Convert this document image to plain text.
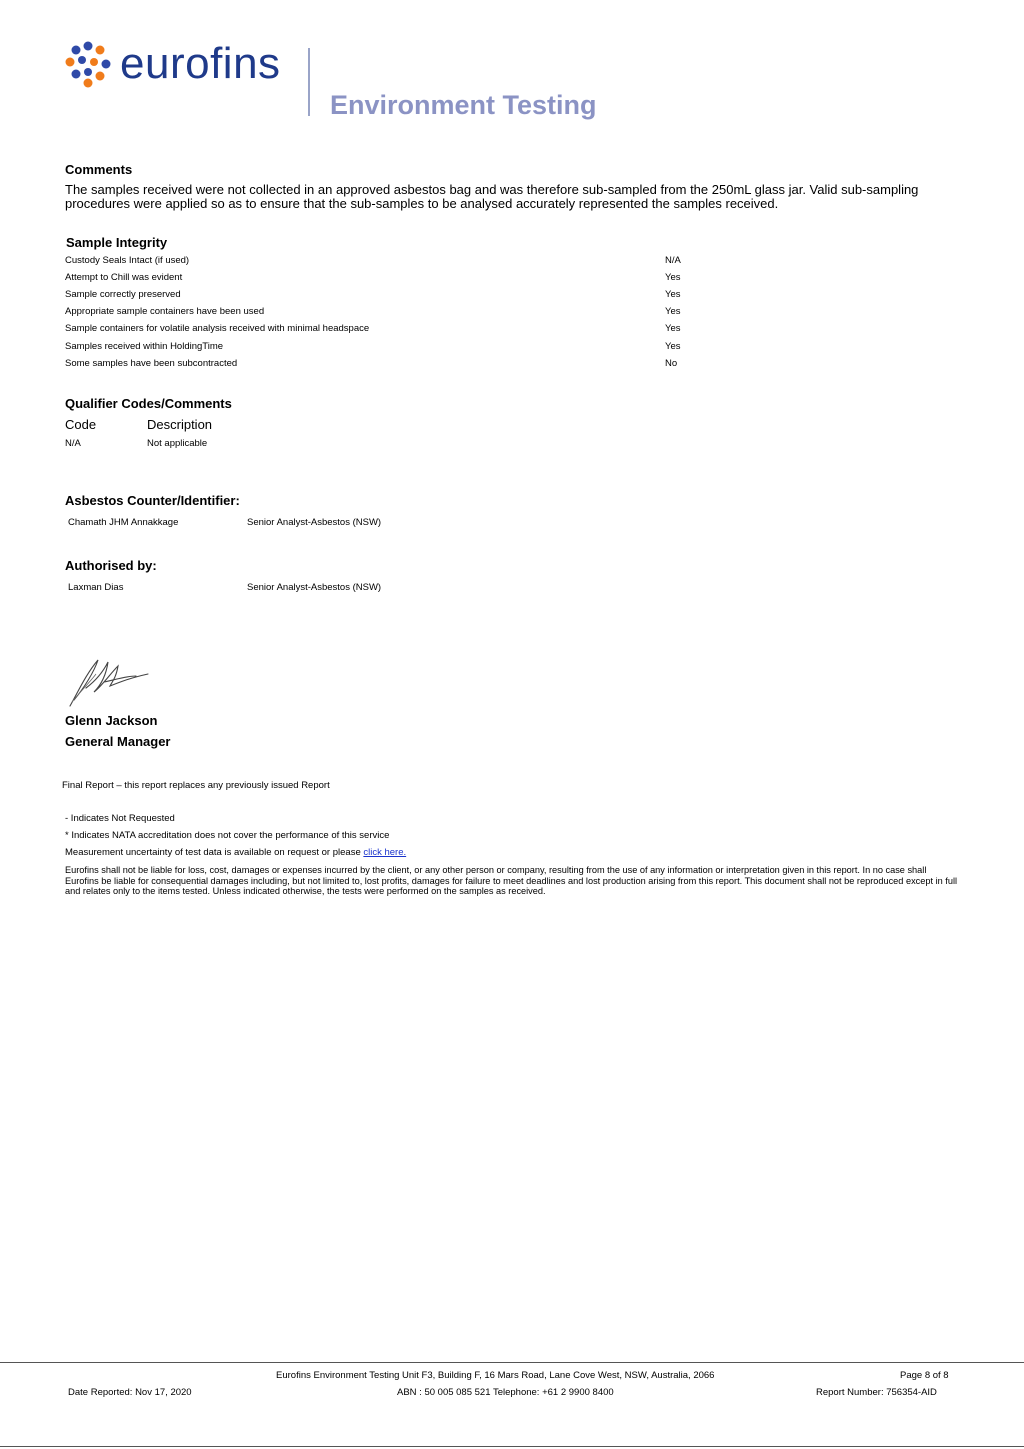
eurofins
Environment Testing
Comments
The samples received were not collected in an approved asbestos bag and was therefore sub-sampled from the 250mL glass jar. Valid sub-sampling procedures were applied so as to ensure that the sub-samples to be analysed accurately represented the samples received.
Sample Integrity
Custody Seals Intact (if used)	N/A
Attempt to Chill was evident	Yes
Sample correctly preserved	Yes
Appropriate sample containers have been used	Yes
Sample containers for volatile analysis received with minimal headspace	Yes
Samples received within HoldingTime	Yes
Some samples have been subcontracted	No
Qualifier Codes/Comments
Code	Description
N/A	Not applicable
Asbestos Counter/Identifier:
Chamath JHM Annakkage	Senior Analyst-Asbestos (NSW)
Authorised by:
Laxman Dias	Senior Analyst-Asbestos (NSW)
Glenn Jackson
General Manager
Final Report – this report replaces any previously issued Report
- Indicates Not Requested
* Indicates NATA accreditation does not cover the performance of this service
Measurement uncertainty of test data is available on request or please click here.
Eurofins shall not be liable for loss, cost, damages or expenses incurred by the client, or any other person or company, resulting from the use of any information or interpretation given in this report. In no case shall Eurofins be liable for consequential damages including, but not limited to, lost profits, damages for failure to meet deadlines and lost production arising from this report. This document shall not be reproduced except in full and relates only to the items tested. Unless indicated otherwise, the tests were performed on the samples as received.
Eurofins Environment Testing Unit F3, Building F, 16 Mars Road, Lane Cove West, NSW, Australia, 2066	Page 8 of 8
Date Reported: Nov 17, 2020	ABN : 50 005 085 521 Telephone: +61 2 9900 8400	Report Number: 756354-AID
